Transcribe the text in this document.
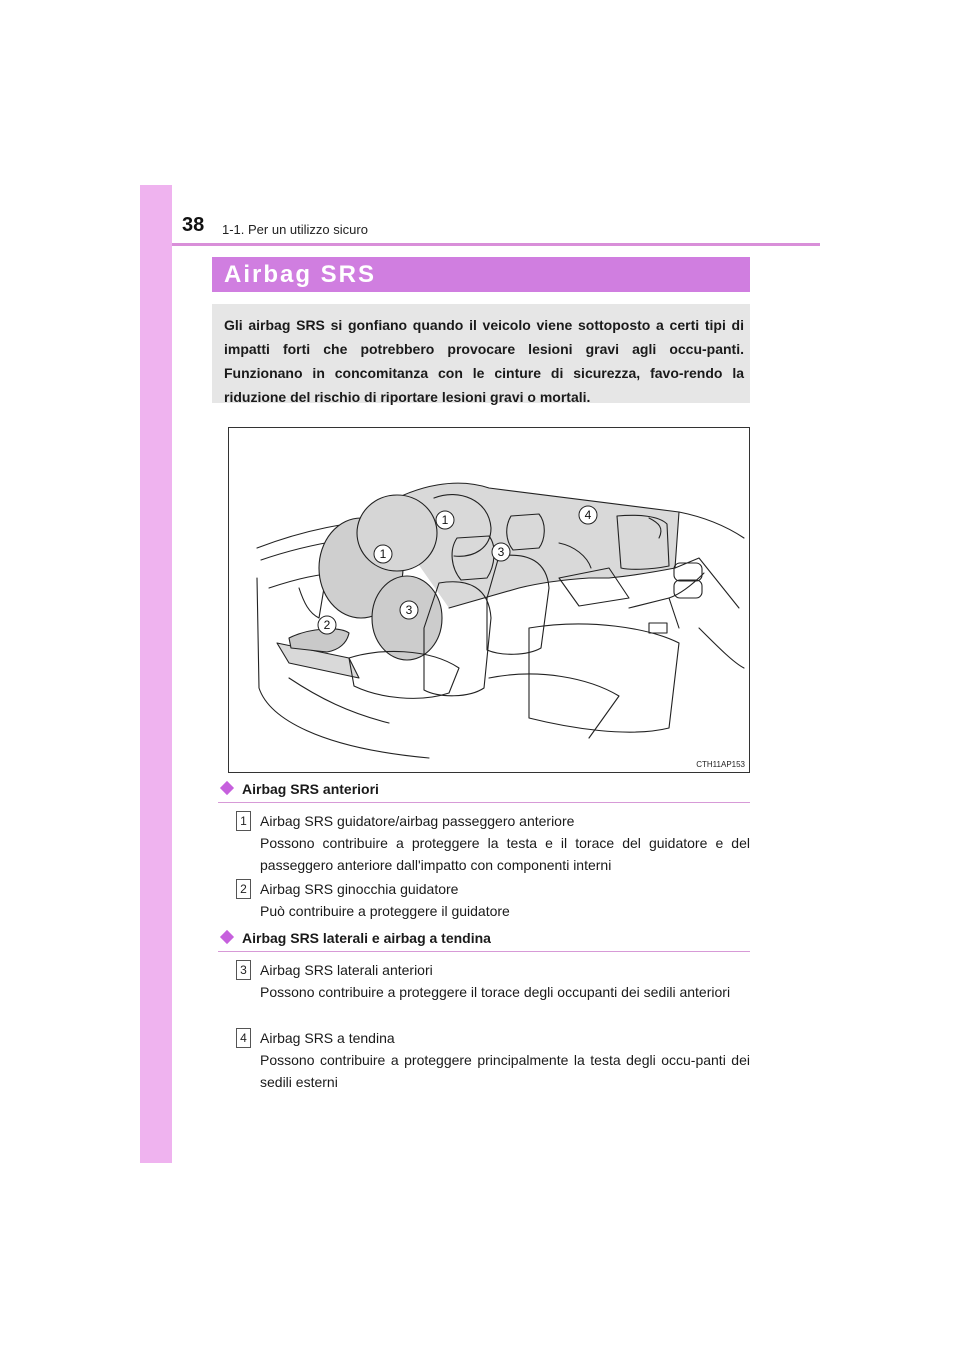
38 1-1. Per un utilizzo sicuro
Airbag SRS
Gli airbag SRS si gonfiano quando il veicolo viene sottoposto a certi tipi di impatti forti che potrebbero provocare lesioni gravi agli occu-panti. Funzionano in concomitanza con le cinture di sicurezza, favo-rendo la riduzione del rischio di riportare lesioni gravi o mortali.
1	4
1	3
3
2
CTH11AP153
Airbag SRS anteriori
1 Airbag SRS guidatore/airbag passeggero anteriore
Possono contribuire a proteggere la testa e il torace del guidatore e del passeggero anteriore dall'impatto con componenti interni
2 Airbag SRS ginocchia guidatore
Può contribuire a proteggere il guidatore
Airbag SRS laterali e airbag a tendina
3 Airbag SRS laterali anteriori
Possono contribuire a proteggere il torace degli occupanti dei sedili anteriori
4 Airbag SRS a tendina
Possono contribuire a proteggere principalmente la testa degli occu-panti dei sedili esterni
